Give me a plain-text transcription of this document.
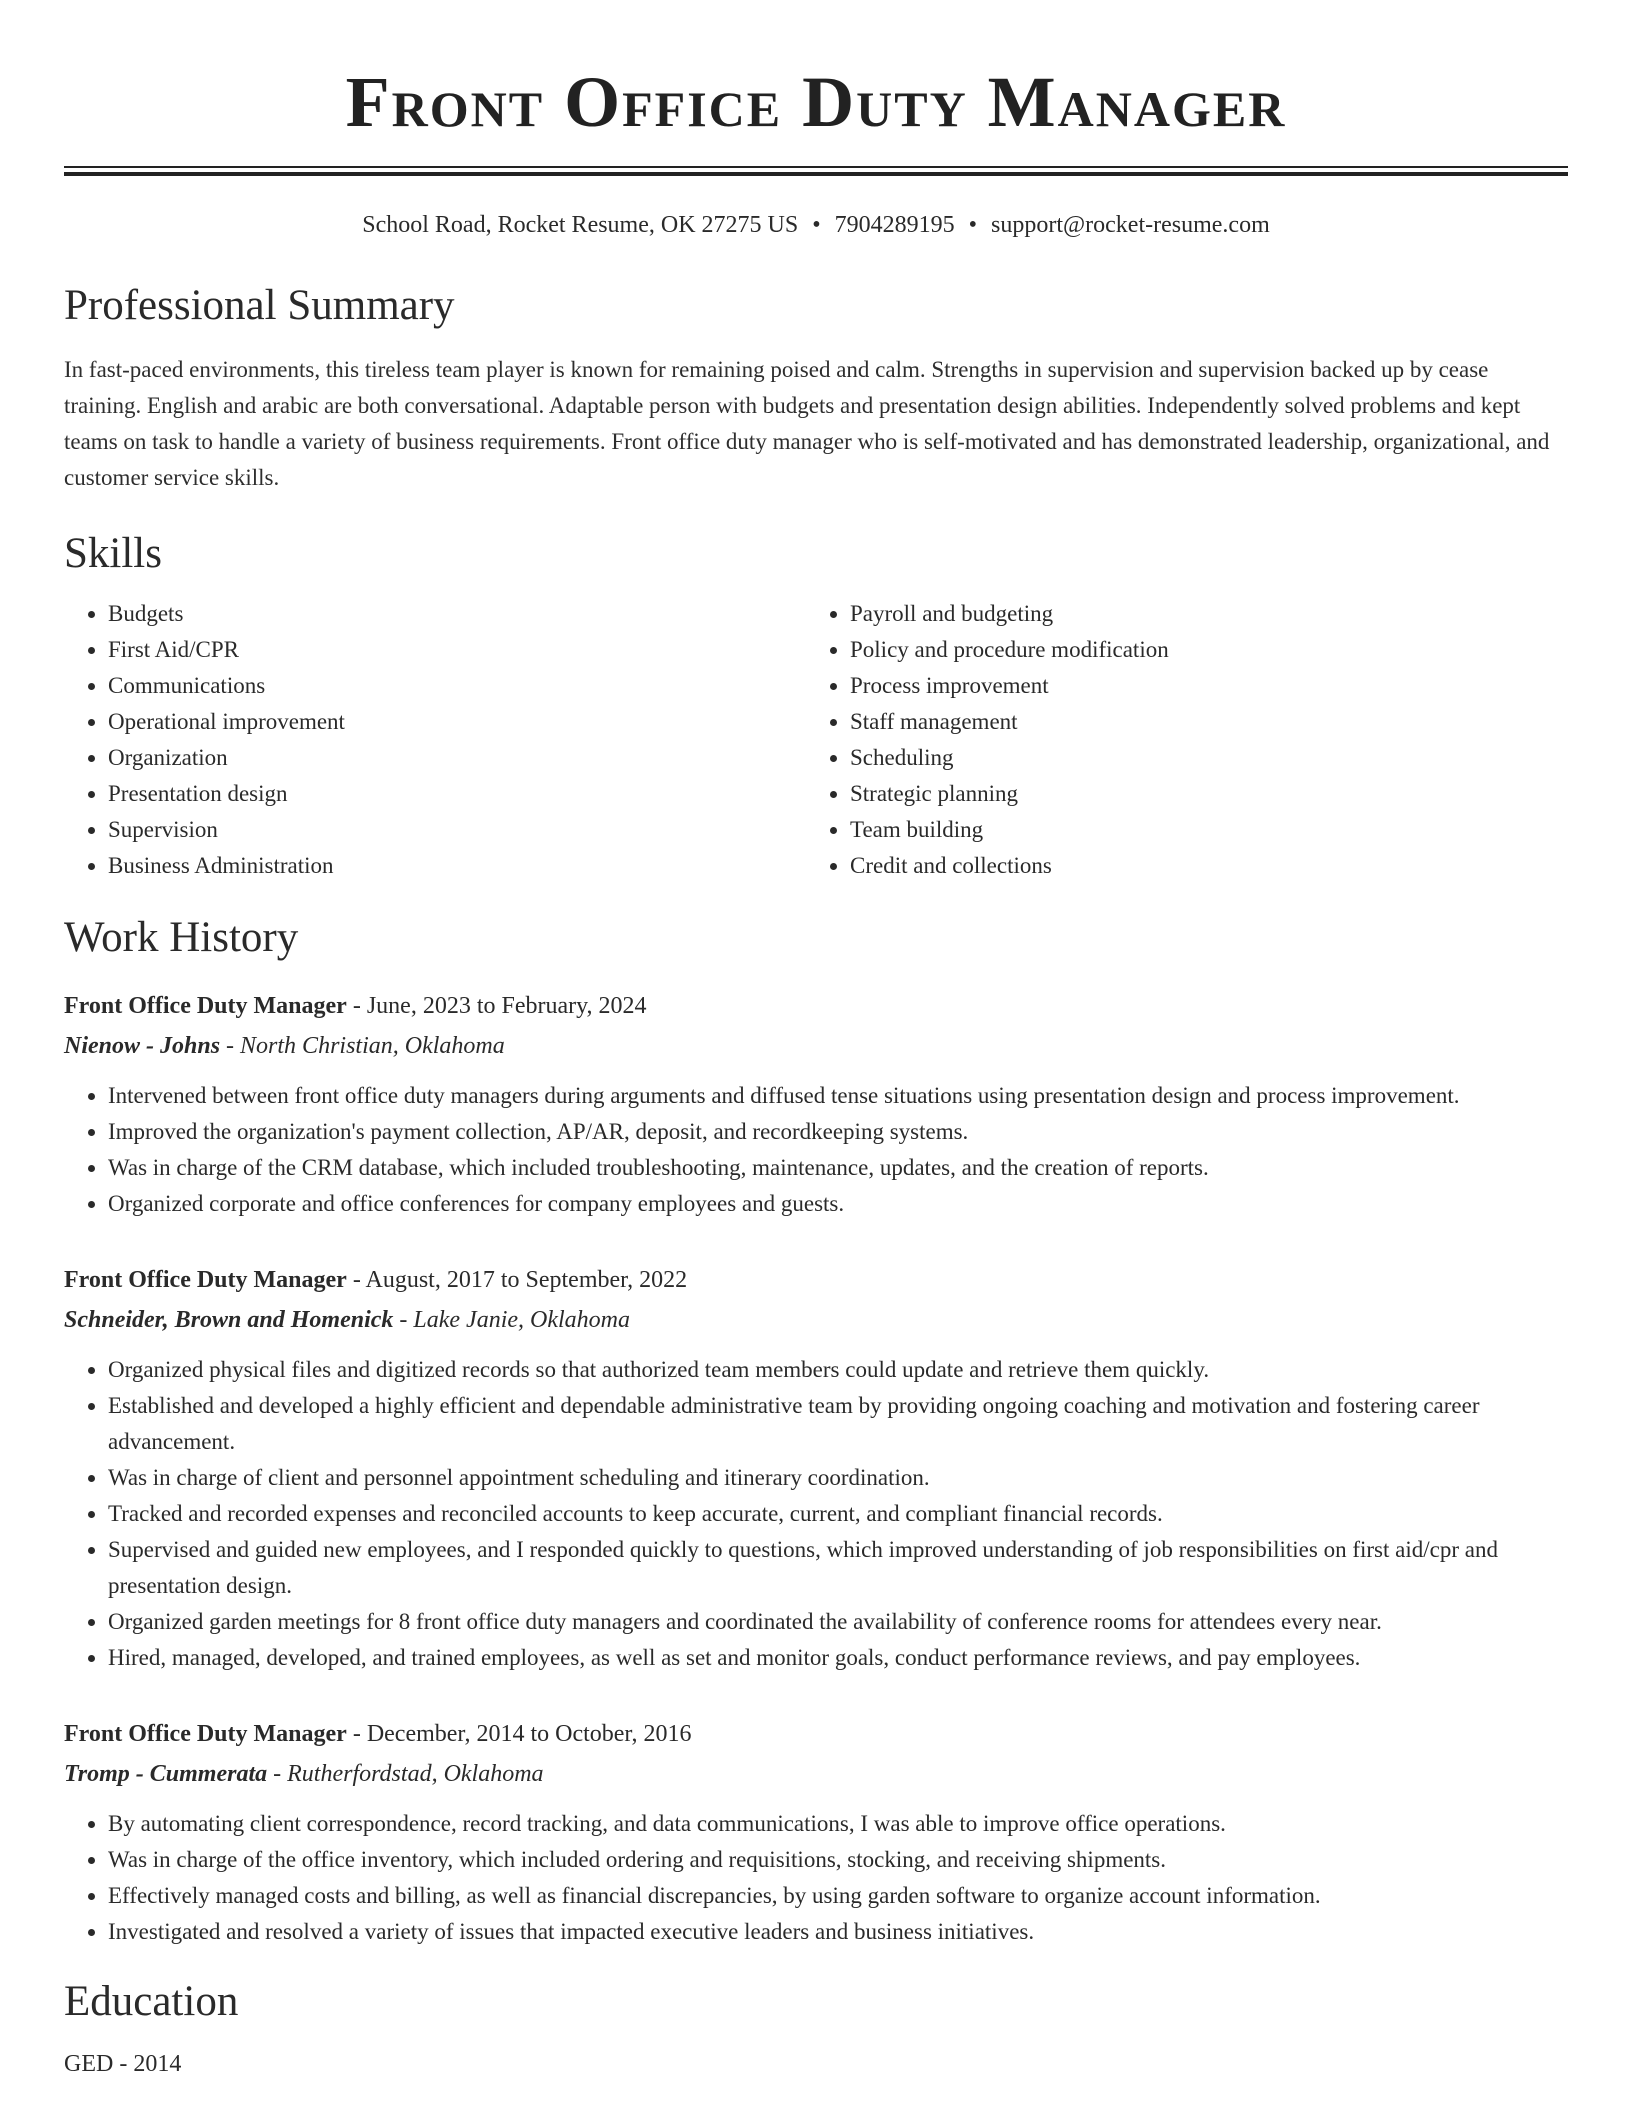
Front Office Duty Manager
School Road, Rocket Resume, OK 27275 US • 7904289195 • support@rocket-resume.com
Professional Summary

In fast-paced environments, this tireless team player is known for remaining poised and calm. Strengths in supervision and supervision backed up by cease training. English and arabic are both conversational. Adaptable person with budgets and presentation design abilities. Independently solved problems and kept teams on task to handle a variety of business requirements. Front office duty manager who is self-motivated and has demonstrated leadership, organizational, and customer service skills.

Skills
• Budgets
• First Aid/CPR
• Communications
• Operational improvement
• Organization
• Presentation design
• Supervision
• Business Administration
• Payroll and budgeting
• Policy and procedure modification
• Process improvement
• Staff management
• Scheduling
• Strategic planning
• Team building
• Credit and collections
Work History
Front Office Duty Manager - June, 2023 to February, 2024
Nienow - Johns - North Christian, Oklahoma
• Intervened between front office duty managers during arguments and diffused tense situations using presentation design and process improvement.
• Improved the organization's payment collection, AP/AR, deposit, and recordkeeping systems.
• Was in charge of the CRM database, which included troubleshooting, maintenance, updates, and the creation of reports.
• Organized corporate and office conferences for company employees and guests.
Front Office Duty Manager - August, 2017 to September, 2022
Schneider, Brown and Homenick - Lake Janie, Oklahoma
• Organized physical files and digitized records so that authorized team members could update and retrieve them quickly.
• Established and developed a highly efficient and dependable administrative team by providing ongoing coaching and motivation and fostering career advancement.
• Was in charge of client and personnel appointment scheduling and itinerary coordination.
• Tracked and recorded expenses and reconciled accounts to keep accurate, current, and compliant financial records.
• Supervised and guided new employees, and I responded quickly to questions, which improved understanding of job responsibilities on first aid/cpr and presentation design.
• Organized garden meetings for 8 front office duty managers and coordinated the availability of conference rooms for attendees every near.
• Hired, managed, developed, and trained employees, as well as set and monitor goals, conduct performance reviews, and pay employees.
Front Office Duty Manager - December, 2014 to October, 2016
Tromp - Cummerata - Rutherfordstad, Oklahoma
• By automating client correspondence, record tracking, and data communications, I was able to improve office operations.
• Was in charge of the office inventory, which included ordering and requisitions, stocking, and receiving shipments.
• Effectively managed costs and billing, as well as financial discrepancies, by using garden software to organize account information.
• Investigated and resolved a variety of issues that impacted executive leaders and business initiatives.
Education
GED - 2014
